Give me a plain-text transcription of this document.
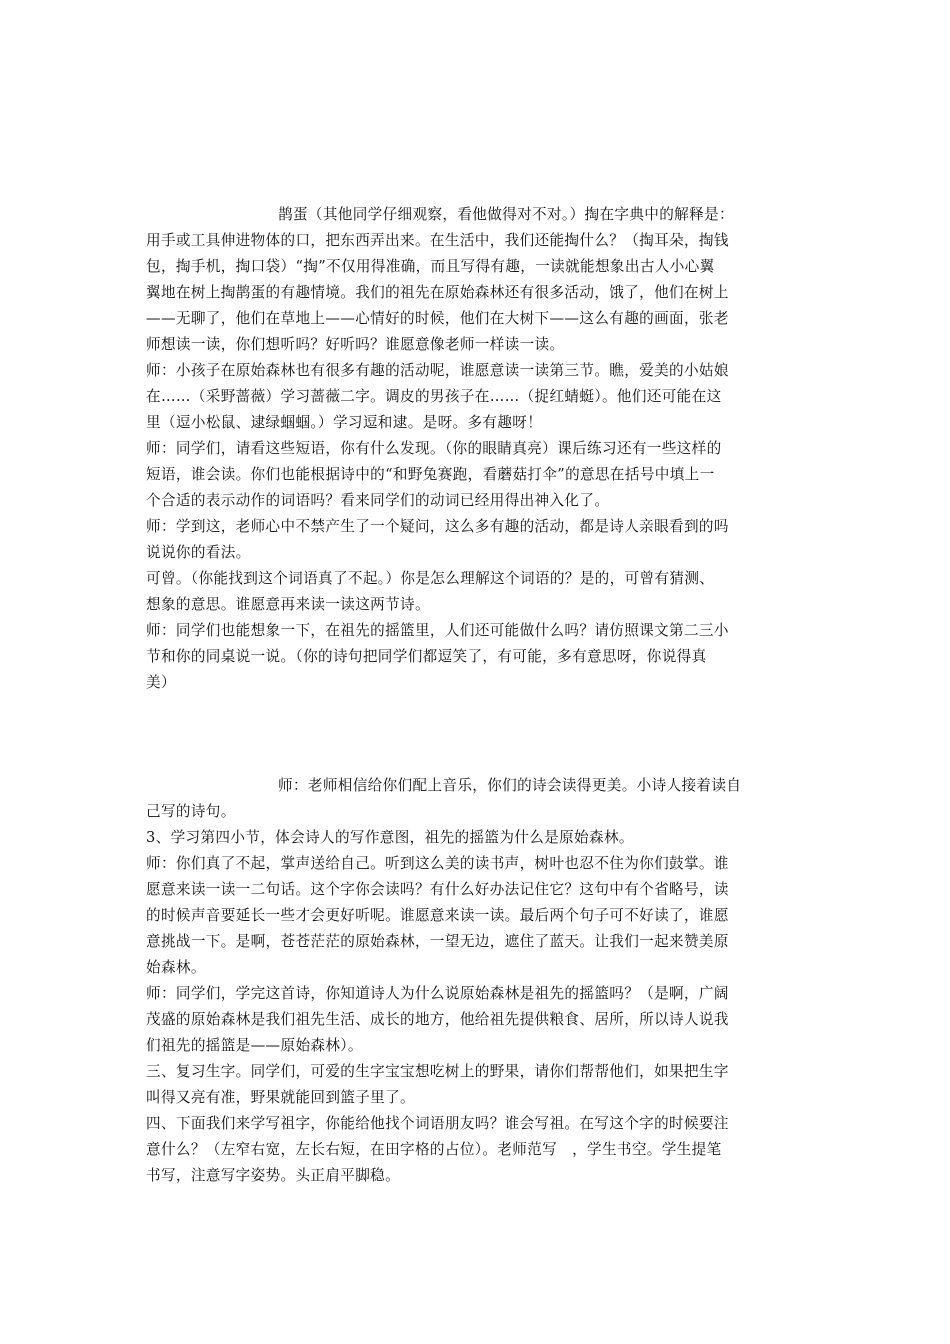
鹊蛋（其他同学仔细观察，看他做得对不对。）掏在字典中的解释是：

用手或工具伸进物体的口，把东西弄出来。在生活中，我们还能掏什么？（掏耳朵，掏钱

包，掏手机，掏口袋）“掏”不仅用得准确，而且写得有趣，一读就能想象出古人小心翼

翼地在树上掏鹊蛋的有趣情境。我们的祖先在原始森林还有很多活动，饿了，他们在树上

——无聊了，他们在草地上——心情好的时候，他们在大树下——这么有趣的画面，张老

师想读一读，你们想听吗？好听吗？谁愿意像老师一样读一读。

师：小孩子在原始森林也有很多有趣的活动呢，谁愿意读一读第三节。瞧，爱美的小姑娘

在……（采野蔷薇）学习蔷薇二字。调皮的男孩子在……（捉红蜻蜓）。他们还可能在这

里（逗小松鼠、逮绿蝈蝈。）学习逗和逮。是呀。多有趣呀！

师：同学们，请看这些短语，你有什么发现。（你的眼睛真亮）课后练习还有一些这样的

短语，谁会读。你们也能根据诗中的“和野兔赛跑，看蘑菇打伞”的意思在括号中填上一

个合适的表示动作的词语吗？看来同学们的动词已经用得出神入化了。

师：学到这，老师心中不禁产生了一个疑问，这么多有趣的活动，都是诗人亲眼看到的吗

说说你的看法。

可曾。（你能找到这个词语真了不起。）你是怎么理解这个词语的？是的，可曾有猜测、

想象的意思。谁愿意再来读一读这两节诗。

师：同学们也能想象一下，在祖先的摇篮里，人们还可能做什么吗？请仿照课文第二三小

节和你的同桌说一说。（你的诗句把同学们都逗笑了，有可能，多有意思呀，你说得真

美）

师：老师相信给你们配上音乐，你们的诗会读得更美。小诗人接着读自

己写的诗句。

3、学习第四小节，体会诗人的写作意图，祖先的摇篮为什么是原始森林。

师：你们真了不起，掌声送给自己。听到这么美的读书声，树叶也忍不住为你们鼓掌。谁

愿意来读一读一二句话。这个字你会读吗？有什么好办法记住它？这句中有个省略号，读

的时候声音要延长一些才会更好听呢。谁愿意来读一读。最后两个句子可不好读了，谁愿

意挑战一下。是啊，苍苍茫茫的原始森林，一望无边，遮住了蓝天。让我们一起来赞美原

始森林。

师：同学们，学完这首诗，你知道诗人为什么说原始森林是祖先的摇篮吗？（是啊，广阔

茂盛的原始森林是我们祖先生活、成长的地方，他给祖先提供粮食、居所，所以诗人说我

们祖先的摇篮是——原始森林）。

三、复习生字。同学们，可爱的生字宝宝想吃树上的野果，请你们帮帮他们，如果把生字

叫得又亮有准，野果就能回到篮子里了。

四、下面我们来学写祖字，你能给他找个词语朋友吗？谁会写祖。在写这个字的时候要注

意什么？（左窄右宽，左长右短，在田字格的占位）。老师范写　，学生书空。学生提笔

书写，注意写字姿势。头正肩平脚稳。
